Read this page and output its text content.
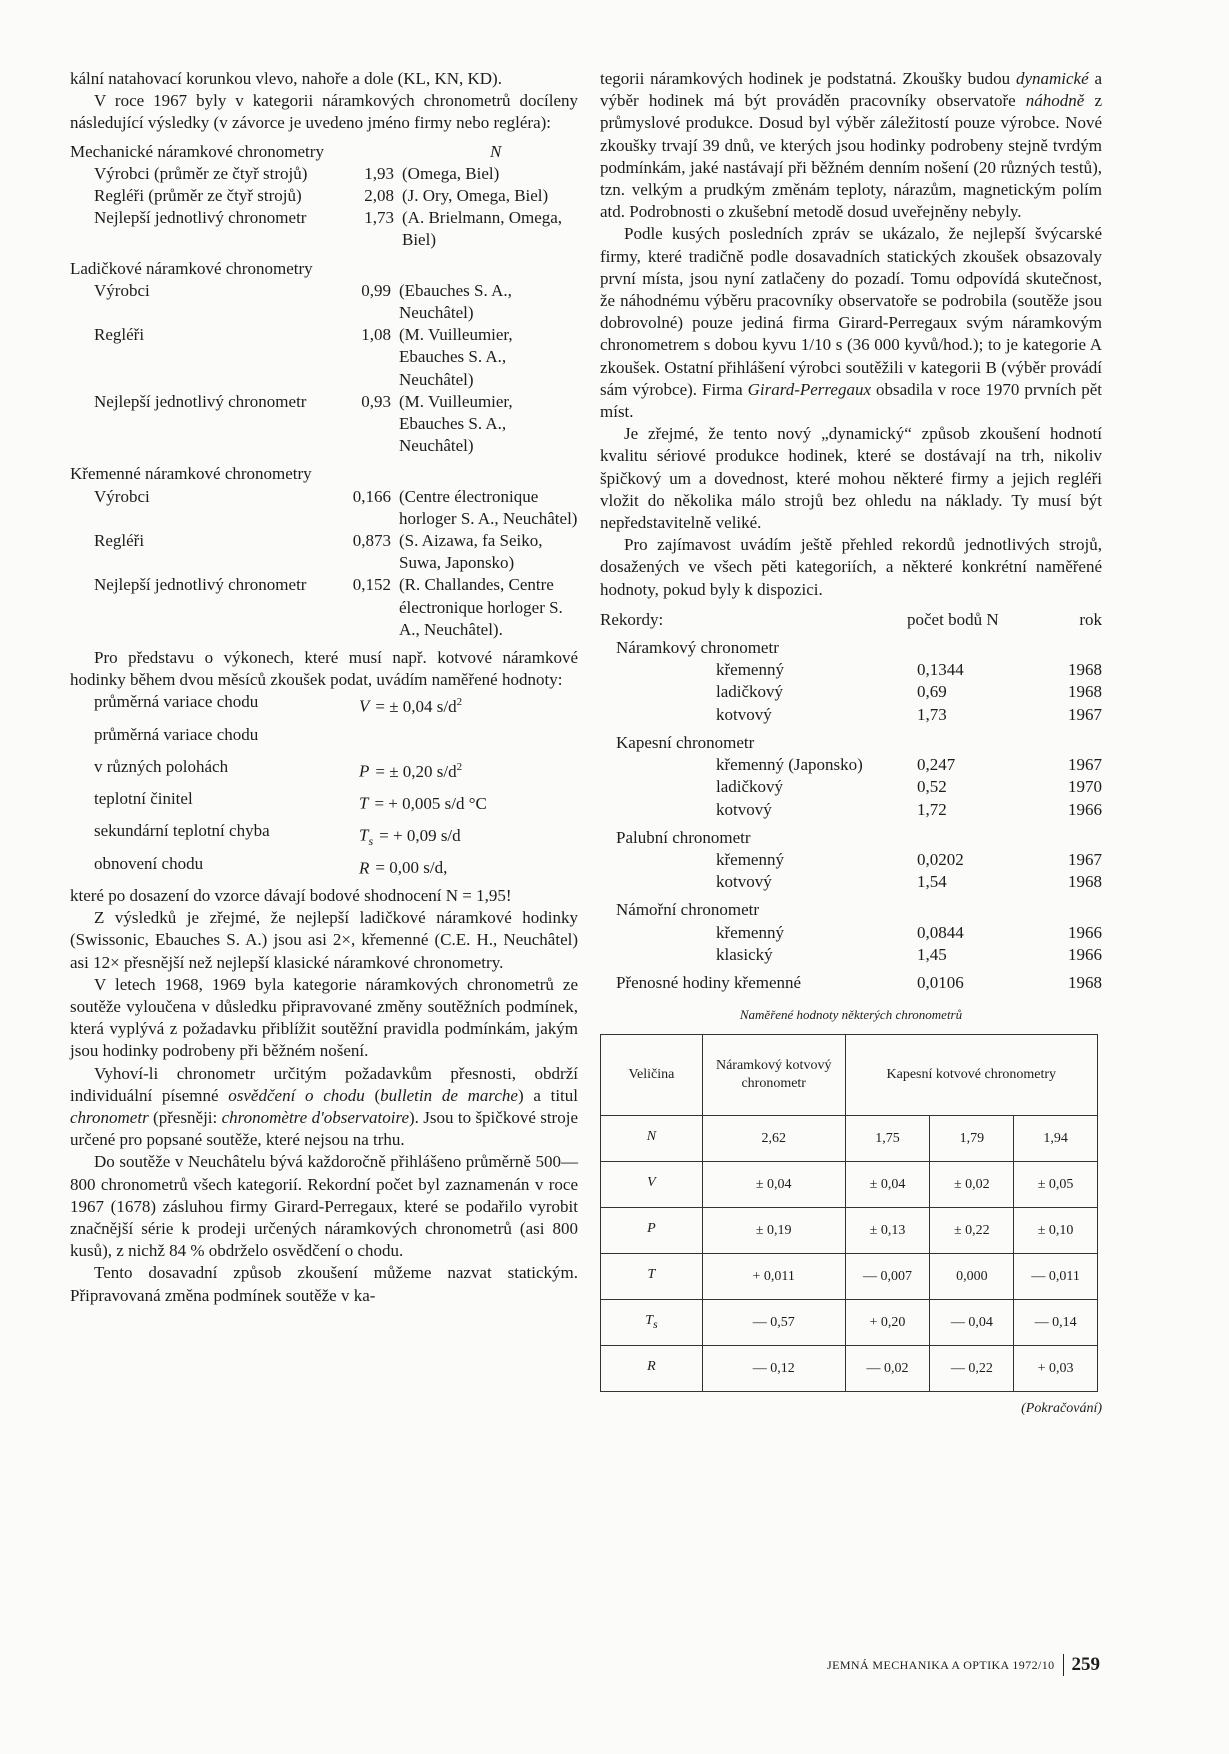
kální natahovací korunkou vlevo, nahoře a dole (KL, KN, KD).

V roce 1967 byly v kategorii náramkových chronometrů docíleny následující výsledky (v závorce je uvedeno jméno firmy nebo regléra):

Mechanické náramkové chronometry	N
Výrobci (průměr ze čtyř strojů)	1,93 (Omega, Biel)
Regléři (průměr ze čtyř strojů)	2,08 (J. Ory, Omega, Biel)
Nejlepší jednotlivý chronometr	1,73 (A. Brielmann, Omega, Biel)
Ladičkové náramkové chronometry
Výrobci	0,99 (Ebauches S. A., Neuchâtel)
Regléři	1,08 (M. Vuilleumier, Ebauches S. A., Neuchâtel)
Nejlepší jednotlivý chronometr	0,93 (M. Vuilleumier, Ebauches S. A., Neuchâtel)
Křemenné náramkové chronometry
Výrobci	0,166 (Centre électronique horloger S. A., Neuchâtel)
Regléři	0,873 (S. Aizawa, fa Seiko, Suwa, Japonsko)
Nejlepší jednotlivý chronometr	0,152 (R. Challandes, Centre électronique horloger S. A., Neuchâtel).

Pro představu o výkonech, které musí např. kotvové náramkové hodinky během dvou měsíců zkoušek podat, uvádím naměřené hodnoty:

průměrná variace chodu	V = ± 0,04 $s/d^2$
průměrná variace chodu
v různých polohách	P = ± 0,20 $s/d^2$
teplotní činitel	T = + 0,005 s/d °C
sekundární teplotní chyba	$T_s$ = + 0,09 s/d
obnovení chodu	R = 0,00 s/d,

které po dosazení do vzorce dávají bodové shodnocení N = 1,95!

Z výsledků je zřejmé, že nejlepší ladičkové náramkové hodinky (Swissonic, Ebauches S. A.) jsou asi 2×, křemenné (C.E. H., Neuchâtel) asi 12× přesnější než nejlepší klasické náramkové chronometry.

V letech 1968, 1969 byla kategorie náramkových chronometrů ze soutěže vyloučena v důsledku připravované změny soutěžních podmínek, která vyplývá z požadavku přiblížit soutěžní pravidla podmínkám, jakým jsou hodinky podrobeny při běžném nošení.

Vyhoví-li chronometr určitým požadavkům přesnosti, obdrží individuální písemné osvědčení o chodu (bulletin de marche) a titul chronometr (přesněji: chronomètre d'observatoire). Jsou to špičkové stroje určené pro popsané soutěže, které nejsou na trhu.

Do soutěže v Neuchâtelu bývá každoročně přihlášeno průměrně 500—800 chronometrů všech kategorií. Rekordní počet byl zaznamenán v roce 1967 (1678) zásluhou firmy Girard-Perregaux, které se podařilo vyrobit značnější série k prodeji určených náramkových chronometrů (asi 800 kusů), z nichž 84 % obdrželo osvědčení o chodu.

Tento dosavadní způsob zkoušení můžeme nazvat statickým. Připravovaná změna podmínek soutěže v ka-

tegorii náramkových hodinek je podstatná. Zkoušky budou dynamické a výběr hodinek má být prováděn pracovníky observatoře náhodně z průmyslové produkce. Dosud byl výběr záležitostí pouze výrobce. Nové zkoušky trvají 39 dnů, ve kterých jsou hodinky podrobeny stejně tvrdým podmínkám, jaké nastávají při běžném denním nošení (20 různých testů), tzn. velkým a prudkým změnám teploty, nárazům, magnetickým polím atd. Podrobnosti o zkušební metodě dosud uveřejněny nebyly.

Podle kusých posledních zpráv se ukázalo, že nejlepší švýcarské firmy, které tradičně podle dosavadních statických zkoušek obsazovaly první místa, jsou nyní zatlačeny do pozadí. Tomu odpovídá skutečnost, že náhodnému výběru pracovníky observatoře se podrobila (soutěže jsou dobrovolné) pouze jediná firma Girard-Perregaux svým náramkovým chronometrem s dobou kyvu 1/10 s (36 000 kyvů/hod.); to je kategorie A zkoušek. Ostatní přihlášení výrobci soutěžili v kategorii B (výběr provádí sám výrobce). Firma Girard-Perregaux obsadila v roce 1970 prvních pět míst.

Je zřejmé, že tento nový „dynamický“ způsob zkoušení hodnotí kvalitu sériové produkce hodinek, které se dostávají na trh, nikoliv špičkový um a dovednost, které mohou některé firmy a jejich regléři vložit do několika málo strojů bez ohledu na náklady. Ty musí být nepředstavitelně veliké.

Pro zajímavost uvádím ještě přehled rekordů jednotlivých strojů, dosažených ve všech pěti kategoriích, a některé konkrétní naměřené hodnoty, pokud byly k dispozici.

Rekordy:	počet bodů N	rok
Náramkový chronometr
křemenný	0,1344	1968
ladičkový	0,69	1968
kotvový	1,73	1967
Kapesní chronometr
křemenný (Japonsko)	0,247	1967
ladičkový	0,52	1970
kotvový	1,72	1966
Palubní chronometr
křemenný	0,0202	1967
kotvový	1,54	1968
Námořní chronometr
křemenný	0,0844	1966
klasický	1,45	1966
Přenosné hodiny křemenné	0,0106	1968
Naměřené hodnoty některých chronometrů
Veličina	Náramkový kotvový chronometr	Kapesní kotvové chronometry		
N	2,62	1,75	1,79	1,94
V	± 0,04	± 0,04	± 0,02	± 0,05
P	± 0,19	± 0,13	± 0,22	± 0,10
T	+ 0,011	— 0,007	0,000	— 0,011
Ts	— 0,57	+ 0,20	— 0,04	— 0,14
R	— 0,12	— 0,02	— 0,22	+ 0,03
(Pokračování)
JEMNÁ MECHANIKA A OPTIKA 1972/10 259
